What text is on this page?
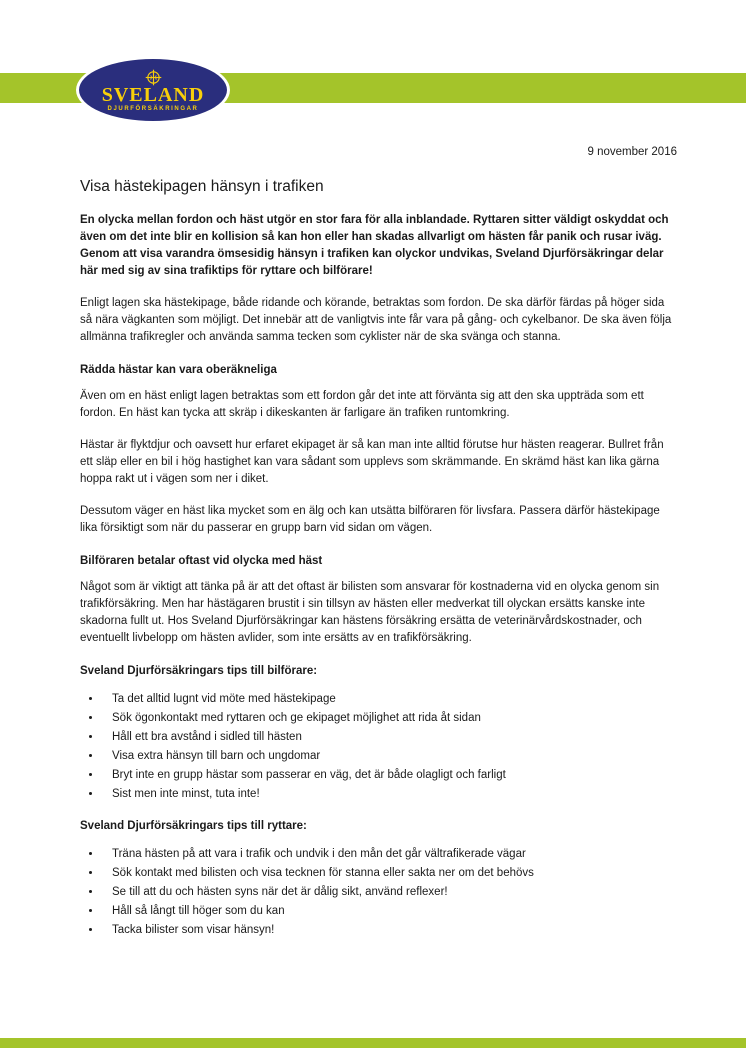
SVELAND
DJURFÖRSÄKRINGAR
9 november 2016
Visa hästekipagen hänsyn i trafiken

En olycka mellan fordon och häst utgör en stor fara för alla inblandade. Ryttaren sitter väldigt oskyddat och även om det inte blir en kollision så kan hon eller han skadas allvarligt om hästen får panik och rusar iväg. Genom att visa varandra ömsesidig hänsyn i trafiken kan olyckor undvikas, Sveland Djurförsäkringar delar här med sig av sina trafiktips för ryttare och bilförare!

Enligt lagen ska hästekipage, både ridande och körande, betraktas som fordon. De ska därför färdas på höger sida så nära vägkanten som möjligt. Det innebär att de vanligtvis inte får vara på gång- och cykelbanor. De ska även följa allmänna trafikregler och använda samma tecken som cyklister när de ska svänga och stanna.

Rädda hästar kan vara oberäkneliga

Även om en häst enligt lagen betraktas som ett fordon går det inte att förvänta sig att den ska uppträda som ett fordon. En häst kan tycka att skräp i dikeskanten är farligare än trafiken runtomkring.

Hästar är flyktdjur och oavsett hur erfaret ekipaget är så kan man inte alltid förutse hur hästen reagerar. Bullret från ett släp eller en bil i hög hastighet kan vara sådant som upplevs som skrämmande. En skrämd häst kan lika gärna hoppa rakt ut i vägen som ner i diket.

Dessutom väger en häst lika mycket som en älg och kan utsätta bilföraren för livsfara. Passera därför hästekipage lika försiktigt som när du passerar en grupp barn vid sidan om vägen.

Bilföraren betalar oftast vid olycka med häst

Något som är viktigt att tänka på är att det oftast är bilisten som ansvarar för kostnaderna vid en olycka genom sin trafikförsäkring. Men har hästägaren brustit i sin tillsyn av hästen eller medverkat till olyckan ersätts kanske inte skadorna fullt ut. Hos Sveland Djurförsäkringar kan hästens försäkring ersätta de veterinärvårdskostnader, och eventuellt livbelopp om hästen avlider, som inte ersätts av en trafikförsäkring.

Sveland Djurförsäkringars tips till bilförare:
• Ta det alltid lugnt vid möte med hästekipage
• Sök ögonkontakt med ryttaren och ge ekipaget möjlighet att rida åt sidan
• Håll ett bra avstånd i sidled till hästen
• Visa extra hänsyn till barn och ungdomar
• Bryt inte en grupp hästar som passerar en väg, det är både olagligt och farligt
• Sist men inte minst, tuta inte!
Sveland Djurförsäkringars tips till ryttare:
• Träna hästen på att vara i trafik och undvik i den mån det går vältrafikerade vägar
• Sök kontakt med bilisten och visa tecknen för stanna eller sakta ner om det behövs
• Se till att du och hästen syns när det är dålig sikt, använd reflexer!
• Håll så långt till höger som du kan
• Tacka bilister som visar hänsyn!
